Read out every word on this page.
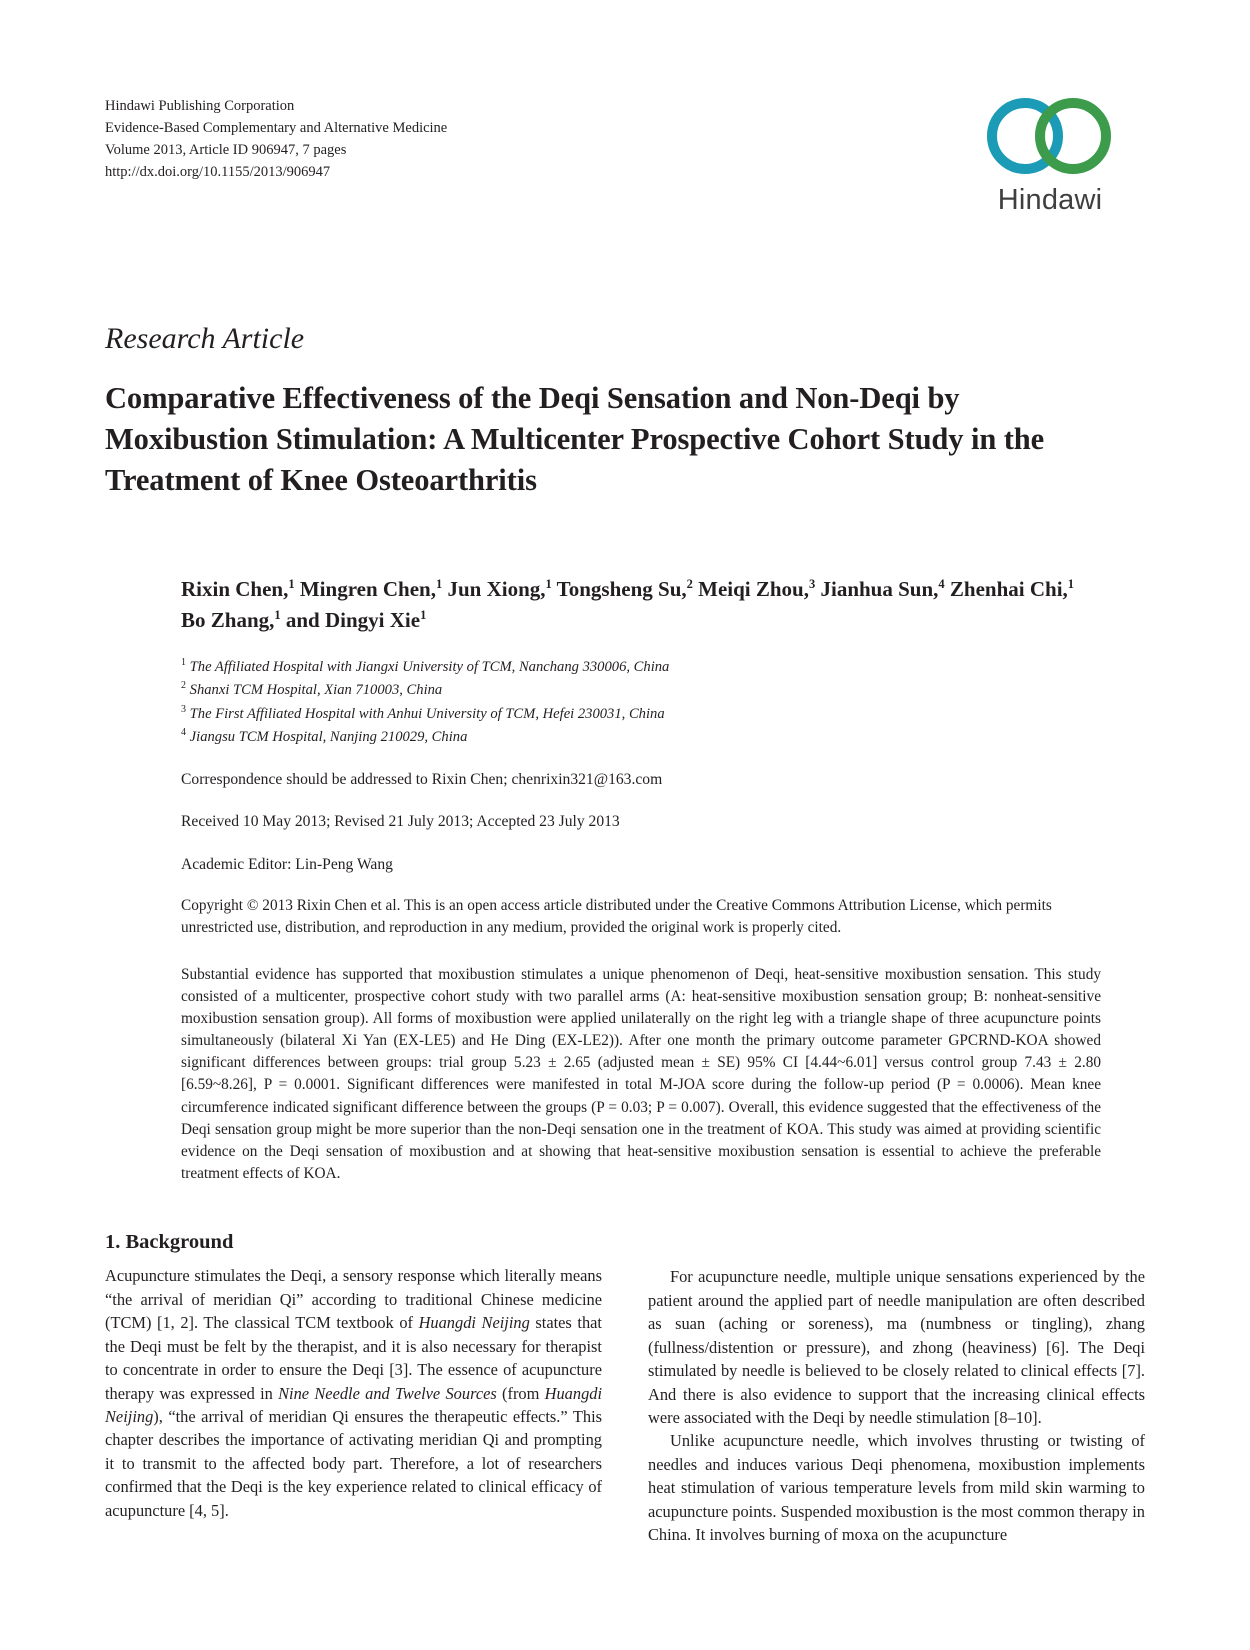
Hindawi Publishing Corporation
Evidence-Based Complementary and Alternative Medicine
Volume 2013, Article ID 906947, 7 pages
http://dx.doi.org/10.1155/2013/906947
Hindawi
Research Article
Comparative Effectiveness of the Deqi Sensation and Non-Deqi by Moxibustion Stimulation: A Multicenter Prospective Cohort Study in the Treatment of Knee Osteoarthritis
Rixin Chen,$^1$ Mingren Chen,$^1$ Jun Xiong,$^1$ Tongsheng Su,$^2$ Meiqi Zhou,$^3$ Jianhua Sun,$^4$ Zhenhai Chi,$^1$ Bo Zhang,$^1$ and Dingyi Xie$^1$
$^1$ The Affiliated Hospital with Jiangxi University of TCM, Nanchang 330006, China
$^2$ Shanxi TCM Hospital, Xian 710003, China
$^3$ The First Affiliated Hospital with Anhui University of TCM, Hefei 230031, China
$^4$ Jiangsu TCM Hospital, Nanjing 210029, China
Correspondence should be addressed to Rixin Chen; chenrixin321@163.com
Received 10 May 2013; Revised 21 July 2013; Accepted 23 July 2013
Academic Editor: Lin-Peng Wang
Copyright © 2013 Rixin Chen et al. This is an open access article distributed under the Creative Commons Attribution License, which permits unrestricted use, distribution, and reproduction in any medium, provided the original work is properly cited.
Substantial evidence has supported that moxibustion stimulates a unique phenomenon of Deqi, heat-sensitive moxibustion sensation. This study consisted of a multicenter, prospective cohort study with two parallel arms (A: heat-sensitive moxibustion sensation group; B: nonheat-sensitive moxibustion sensation group). All forms of moxibustion were applied unilaterally on the right leg with a triangle shape of three acupuncture points simultaneously (bilateral Xi Yan (EX-LE5) and He Ding (EX-LE2)). After one month the primary outcome parameter GPCRND-KOA showed significant differences between groups: trial group 5.23 ± 2.65 (adjusted mean ± SE) 95% CI [4.44~6.01] versus control group 7.43 ± 2.80 [6.59~8.26], P = 0.0001. Significant differences were manifested in total M-JOA score during the follow-up period (P = 0.0006). Mean knee circumference indicated significant difference between the groups (P = 0.03; P = 0.007). Overall, this evidence suggested that the effectiveness of the Deqi sensation group might be more superior than the non-Deqi sensation one in the treatment of KOA. This study was aimed at providing scientific evidence on the Deqi sensation of moxibustion and at showing that heat-sensitive moxibustion sensation is essential to achieve the preferable treatment effects of KOA.
1. Background

Acupuncture stimulates the Deqi, a sensory response which literally means “the arrival of meridian Qi” according to traditional Chinese medicine (TCM) [1, 2]. The classical TCM textbook of Huangdi Neijing states that the Deqi must be felt by the therapist, and it is also necessary for therapist to concentrate in order to ensure the Deqi [3]. The essence of acupuncture therapy was expressed in Nine Needle and Twelve Sources (from Huangdi Neijing), “the arrival of meridian Qi ensures the therapeutic effects.” This chapter describes the importance of activating meridian Qi and prompting it to transmit to the affected body part. Therefore, a lot of researchers confirmed that the Deqi is the key experience related to clinical efficacy of acupuncture [4, 5].

For acupuncture needle, multiple unique sensations experienced by the patient around the applied part of needle manipulation are often described as suan (aching or soreness), ma (numbness or tingling), zhang (fullness/distention or pressure), and zhong (heaviness) [6]. The Deqi stimulated by needle is believed to be closely related to clinical effects [7]. And there is also evidence to support that the increasing clinical effects were associated with the Deqi by needle stimulation [8–10].

Unlike acupuncture needle, which involves thrusting or twisting of needles and induces various Deqi phenomena, moxibustion implements heat stimulation of various temperature levels from mild skin warming to acupuncture points. Suspended moxibustion is the most common therapy in China. It involves burning of moxa on the acupuncture
